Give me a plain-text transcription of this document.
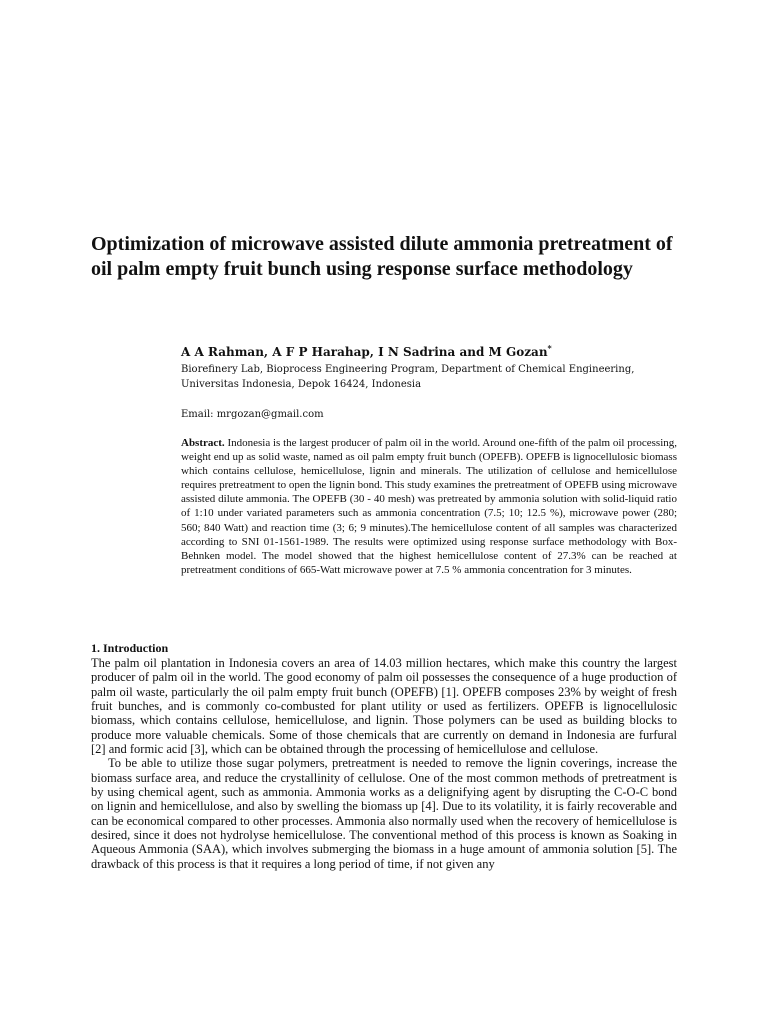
Optimization of microwave assisted dilute ammonia pretreatment of oil palm empty fruit bunch using response surface methodology
A A Rahman, A F P Harahap, I N Sadrina and M Gozan*
Biorefinery Lab, Bioprocess Engineering Program, Department of Chemical Engineering,
Universitas Indonesia, Depok 16424, Indonesia
Email: mrgozan@gmail.com

Abstract. Indonesia is the largest producer of palm oil in the world. Around one-fifth of the palm oil processing, weight end up as solid waste, named as oil palm empty fruit bunch (OPEFB). OPEFB is lignocellulosic biomass which contains cellulose, hemicellulose, lignin and minerals. The utilization of cellulose and hemicellulose requires pretreatment to open the lignin bond. This study examines the pretreatment of OPEFB using microwave assisted dilute ammonia. The OPEFB (30 - 40 mesh) was pretreated by ammonia solution with solid-liquid ratio of 1:10 under variated parameters such as ammonia concentration (7.5; 10; 12.5 %), microwave power (280; 560; 840 Watt) and reaction time (3; 6; 9 minutes).The hemicellulose content of all samples was characterized according to SNI 01-1561-1989. The results were optimized using response surface methodology with Box-Behnken model. The model showed that the highest hemicellulose content of 27.3% can be reached at pretreatment conditions of 665-Watt microwave power at 7.5 % ammonia concentration for 3 minutes.

1. Introduction

The palm oil plantation in Indonesia covers an area of 14.03 million hectares, which make this country the largest producer of palm oil in the world. The good economy of palm oil possesses the consequence of a huge production of palm oil waste, particularly the oil palm empty fruit bunch (OPEFB) [1]. OPEFB composes 23% by weight of fresh fruit bunches, and is commonly co-combusted for plant utility or used as fertilizers. OPEFB is lignocellulosic biomass, which contains cellulose, hemicellulose, and lignin. Those polymers can be used as building blocks to produce more valuable chemicals. Some of those chemicals that are currently on demand in Indonesia are furfural [2] and formic acid [3], which can be obtained through the processing of hemicellulose and cellulose.

To be able to utilize those sugar polymers, pretreatment is needed to remove the lignin coverings, increase the biomass surface area, and reduce the crystallinity of cellulose. One of the most common methods of pretreatment is by using chemical agent, such as ammonia. Ammonia works as a delignifying agent by disrupting the C-O-C bond on lignin and hemicellulose, and also by swelling the biomass up [4]. Due to its volatility, it is fairly recoverable and can be economical compared to other processes. Ammonia also normally used when the recovery of hemicellulose is desired, since it does not hydrolyse hemicellulose. The conventional method of this process is known as Soaking in Aqueous Ammonia (SAA), which involves submerging the biomass in a huge amount of ammonia solution [5]. The drawback of this process is that it requires a long period of time, if not given any
